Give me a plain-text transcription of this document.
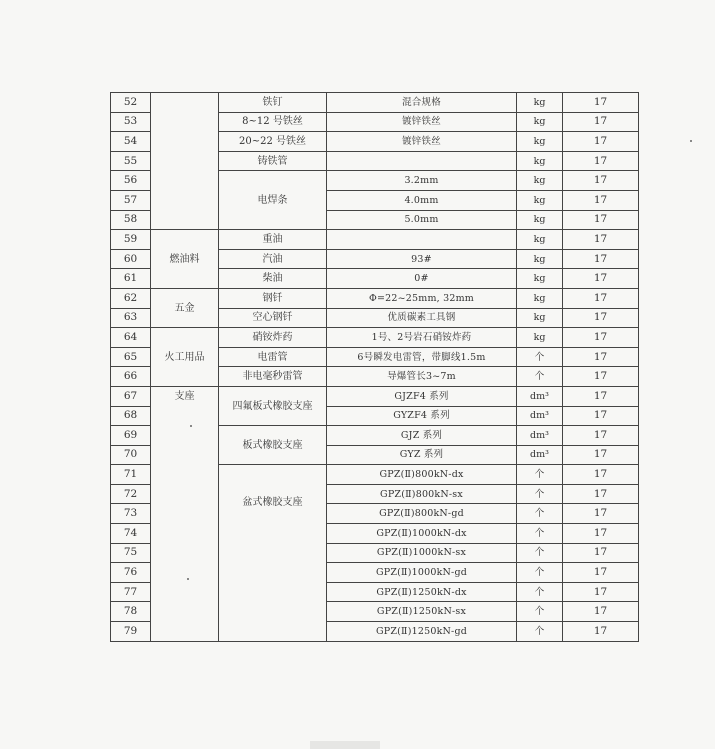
52		铁钉	混合规格	kg	17
53		8~12 号铁丝	镀锌铁丝	kg	17
54		20~22 号铁丝	镀锌铁丝	kg	17
55		铸铁管		kg	17
56		电焊条	3.2mm	kg	17
57			4.0mm	kg	17
58			5.0mm	kg	17
59	燃油料	重油		kg	17
60		汽油	93#	kg	17
61		柴油	0#	kg	17
62	五金	钢钎	Φ=22~25mm, 32mm	kg	17
63		空心钢钎	优质碳素工具钢	kg	17
64	火工用品	硝铵炸药	1号、2号岩石硝铵炸药	kg	17
65		电雷管	6号瞬发电雷管，带脚线1.5m	个	17
66		非电毫秒雷管	导爆管长3~7m	个	17
67	支座	四氟板式橡胶支座	GJZF4 系列	dm³	17
68			GYZF4 系列	dm³	17
69		板式橡胶支座	GJZ 系列	dm³	17
70			GYZ 系列	dm³	17
71		盆式橡胶支座	GPZ(Ⅱ)800kN-dx	个	17
72			GPZ(Ⅱ)800kN-sx	个	17
73			GPZ(Ⅱ)800kN-gd	个	17
74			GPZ(Ⅱ)1000kN-dx	个	17
75			GPZ(Ⅱ)1000kN-sx	个	17
76			GPZ(Ⅱ)1000kN-gd	个	17
77			GPZ(Ⅱ)1250kN-dx	个	17
78			GPZ(Ⅱ)1250kN-sx	个	17
79			GPZ(Ⅱ)1250kN-gd	个	17
